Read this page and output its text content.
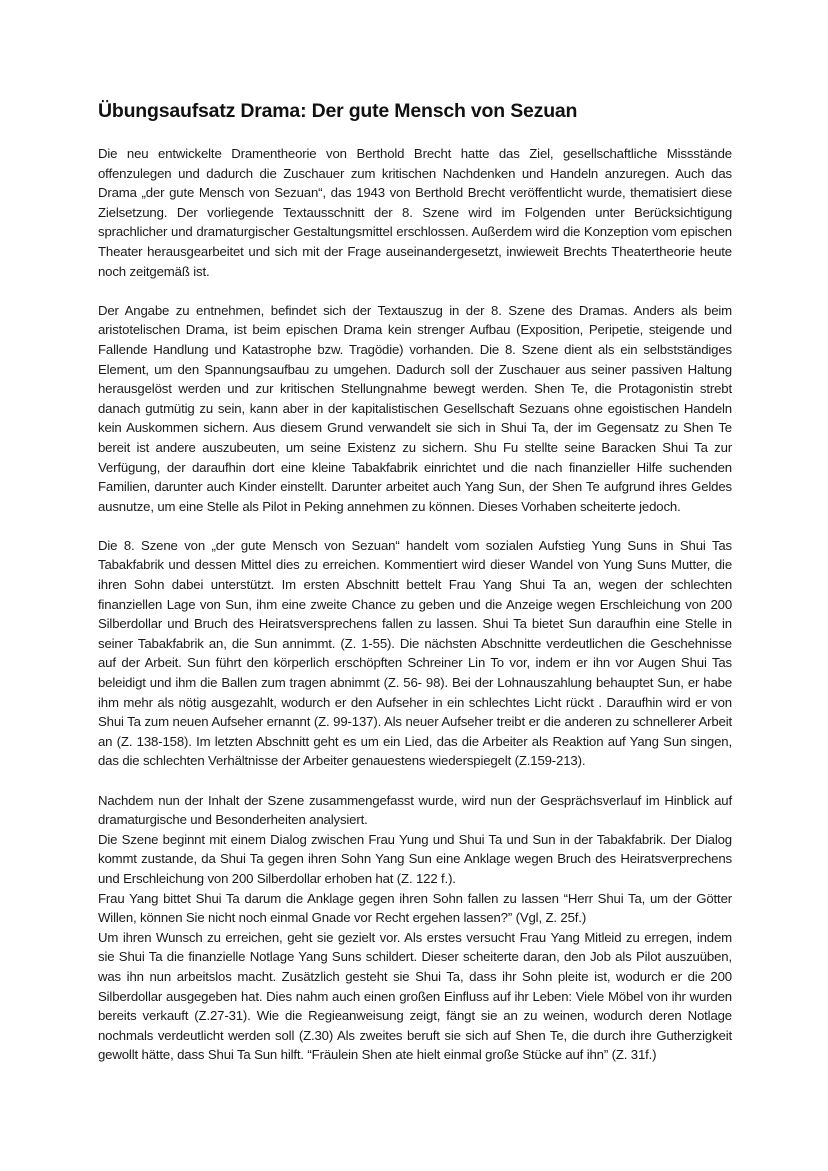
Übungsaufsatz Drama: Der gute Mensch von Sezuan

Die neu entwickelte Dramentheorie von Berthold Brecht hatte das Ziel, gesellschaftliche Missstände offenzulegen und dadurch die Zuschauer zum kritischen Nachdenken und Handeln anzuregen. Auch das Drama „der gute Mensch von Sezuan“, das 1943 von Berthold Brecht veröffentlicht wurde, thematisiert diese Zielsetzung. Der vorliegende Textausschnitt der 8. Szene wird im Folgenden unter Berücksichtigung sprachlicher und dramaturgischer Gestaltungsmittel erschlossen. Außerdem wird die Konzeption vom epischen Theater herausgearbeitet und sich mit der Frage auseinandergesetzt, inwieweit Brechts Theatertheorie heute noch zeitgemäß ist.

Der Angabe zu entnehmen, befindet sich der Textauszug in der 8. Szene des Dramas. Anders als beim aristotelischen Drama, ist beim epischen Drama kein strenger Aufbau (Exposition, Peripetie, steigende und Fallende Handlung und Katastrophe bzw. Tragödie) vorhanden. Die 8. Szene dient als ein selbstständiges Element, um den Spannungsaufbau zu umgehen. Dadurch soll der Zuschauer aus seiner passiven Haltung herausgelöst werden und zur kritischen Stellungnahme bewegt werden. Shen Te, die Protagonistin strebt danach gutmütig zu sein, kann aber in der kapitalistischen Gesellschaft Sezuans ohne egoistischen Handeln kein Auskommen sichern. Aus diesem Grund verwandelt sie sich in Shui Ta, der im Gegensatz zu Shen Te bereit ist andere auszubeuten, um seine Existenz zu sichern. Shu Fu stellte seine Baracken Shui Ta zur Verfügung, der daraufhin dort eine kleine Tabakfabrik einrichtet und die nach finanzieller Hilfe suchenden Familien, darunter auch Kinder einstellt. Darunter arbeitet auch Yang Sun, der Shen Te aufgrund ihres Geldes ausnutze, um eine Stelle als Pilot in Peking annehmen zu können. Dieses Vorhaben scheiterte jedoch.

Die 8. Szene von „der gute Mensch von Sezuan“ handelt vom sozialen Aufstieg Yung Suns in Shui Tas Tabakfabrik und dessen Mittel dies zu erreichen. Kommentiert wird dieser Wandel von Yung Suns Mutter, die ihren Sohn dabei unterstützt. Im ersten Abschnitt bettelt Frau Yang Shui Ta an, wegen der schlechten finanziellen Lage von Sun, ihm eine zweite Chance zu geben und die Anzeige wegen Erschleichung von 200 Silberdollar und Bruch des Heiratsversprechens fallen zu lassen. Shui Ta bietet Sun daraufhin eine Stelle in seiner Tabakfabrik an, die Sun annimmt. (Z. 1-55). Die nächsten Abschnitte verdeutlichen die Geschehnisse auf der Arbeit. Sun führt den körperlich erschöpften Schreiner Lin To vor, indem er ihn vor Augen Shui Tas beleidigt und ihm die Ballen zum tragen abnimmt (Z. 56- 98). Bei der Lohnauszahlung behauptet Sun, er habe ihm mehr als nötig ausgezahlt, wodurch er den Aufseher in ein schlechtes Licht rückt . Daraufhin wird er von Shui Ta zum neuen Aufseher ernannt (Z. 99-137). Als neuer Aufseher treibt er die anderen zu schnellerer Arbeit an (Z. 138-158). Im letzten Abschnitt geht es um ein Lied, das die Arbeiter als Reaktion auf Yang Sun singen, das die schlechten Verhältnisse der Arbeiter genauestens wiederspiegelt (Z.159-213).

Nachdem nun der Inhalt der Szene zusammengefasst wurde, wird nun der Gesprächsverlauf im Hinblick auf dramaturgische und Besonderheiten analysiert.

Die Szene beginnt mit einem Dialog zwischen Frau Yung und Shui Ta und Sun in der Tabakfabrik. Der Dialog kommt zustande, da Shui Ta gegen ihren Sohn Yang Sun eine Anklage wegen Bruch des Heiratsverprechens und Erschleichung von 200 Silberdollar erhoben hat (Z. 122 f.).

Frau Yang bittet Shui Ta darum die Anklage gegen ihren Sohn fallen zu lassen “Herr Shui Ta, um der Götter Willen, können Sie nicht noch einmal Gnade vor Recht ergehen lassen?” (Vgl, Z. 25f.)

Um ihren Wunsch zu erreichen, geht sie gezielt vor. Als erstes versucht Frau Yang Mitleid zu erregen, indem sie Shui Ta die finanzielle Notlage Yang Suns schildert. Dieser scheiterte daran, den Job als Pilot auszuüben, was ihn nun arbeitslos macht. Zusätzlich gesteht sie Shui Ta, dass ihr Sohn pleite ist, wodurch er die 200 Silberdollar ausgegeben hat. Dies nahm auch einen großen Einfluss auf ihr Leben: Viele Möbel von ihr wurden bereits verkauft (Z.27-31). Wie die Regieanweisung zeigt, fängt sie an zu weinen, wodurch deren Notlage nochmals verdeutlicht werden soll (Z.30) Als zweites beruft sie sich auf Shen Te, die durch ihre Gutherzigkeit gewollt hätte, dass Shui Ta Sun hilft. “Fräulein Shen ate hielt einmal große Stücke auf ihn” (Z. 31f.)
